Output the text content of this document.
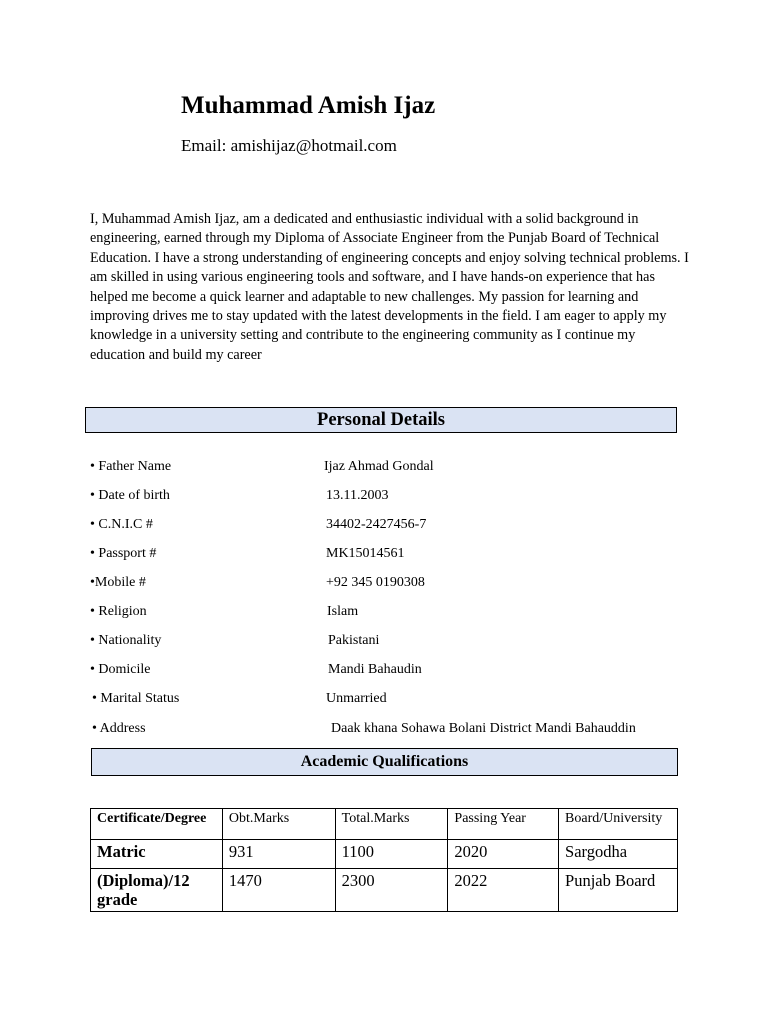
Muhammad Amish Ijaz
Email: amishijaz@hotmail.com

I, Muhammad Amish Ijaz, am a dedicated and enthusiastic individual with a solid background in engineering, earned through my Diploma of Associate Engineer from the Punjab Board of Technical Education. I have a strong understanding of engineering concepts and enjoy solving technical problems. I am skilled in using various engineering tools and software, and I have hands-on experience that has helped me become a quick learner and adaptable to new challenges. My passion for learning and improving drives me to stay updated with the latest developments in the field. I am eager to apply my knowledge in a university setting and contribute to the engineering community as I continue my education and build my career

Personal Details
• Father Name	Ijaz Ahmad Gondal
• Date of birth	13.11.2003
• C.N.I.C #	34402-2427456-7
• Passport #	MK15014561
•Mobile #	+92 345 0190308
• Religion	Islam
• Nationality	Pakistani
• Domicile	Mandi Bahaudin
• Marital Status	Unmarried
• Address	Daak khana Sohawa Bolani District Mandi Bahauddin
Academic Qualifications
Certificate/Degree	Obt.Marks	Total.Marks	Passing Year	Board/University
Matric	931	1100	2020	Sargodha
(Diploma)/12 grade	1470	2300	2022	Punjab Board
